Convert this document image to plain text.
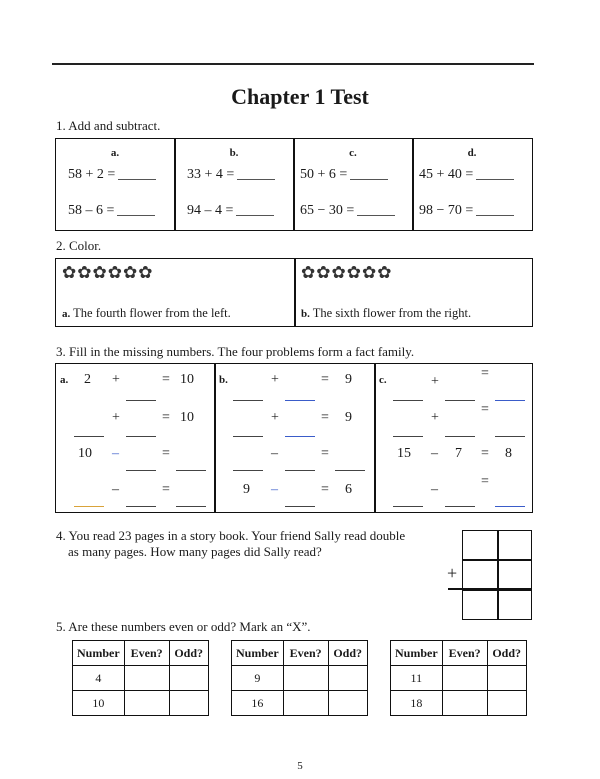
Chapter 1 Test
1. Add and subtract.
a.
58 + 2 =
58 – 6 =
b.
33 + 4 =
94 – 4 =
c.
50 + 6 =
65 − 30 =
d.
45 + 40 =
98 − 70 =
2. Color.
✿✿✿✿✿✿
a. The fourth flower from the left.
✿✿✿✿✿✿
b. The sixth flower from the right.
3. Fill in the missing numbers. The four problems form a fact family.
a. 2 +	= 10
+	= 10
10 –	=
–	=
b.	+	= 9
+	= 9
–	=
9 –	= 6
c.	+
=
+
=
15 – 7 = 8
–
=
4. You read 23 pages in a story book. Your friend Sally read double
as many pages. How many pages did Sally read?
+
5. Are these numbers even or odd? Mark an “X”.
Number	Even?	Odd?
4		
10		
Number	Even?	Odd?
9		
16		
Number	Even?	Odd?
11		
18		
5
